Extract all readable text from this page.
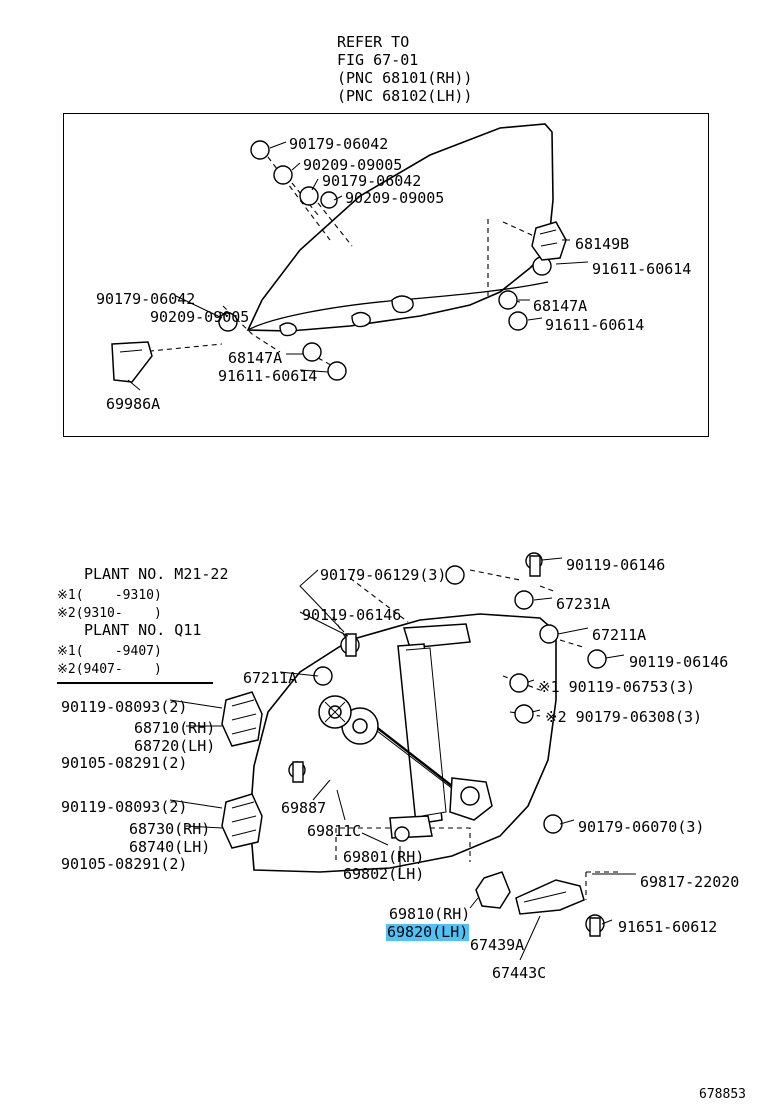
REFER TO
FIG 67-01
(PNC 68101(RH))
(PNC 68102(LH))
90179-06042
90209-09005
90179-06042
90209-09005
68149B
91611-60614
68147A
91611-60614
90179-06042
90209-09005
68147A
91611-60614
69986A
PLANT NO. M21-22
※1(    -9310)
※2(9310-    )
PLANT NO. Q11
※1(    -9407)
※2(9407-    )
90179-06129(3)
90119-06146
67231A
90119-06146
67211A
90119-06146
※1 90119-06753(3)
※2 90179-06308(3)
67211A
90119-08093(2)
68710(RH)
68720(LH)
90105-08291(2)
90119-08093(2)
68730(RH)
68740(LH)
90105-08291(2)
69887
69811C
69801(RH)
69802(LH)
90179-06070(3)
69817-22020
91651-60612
69810(RH)
67439A
67443C
69820(LH)
678853
